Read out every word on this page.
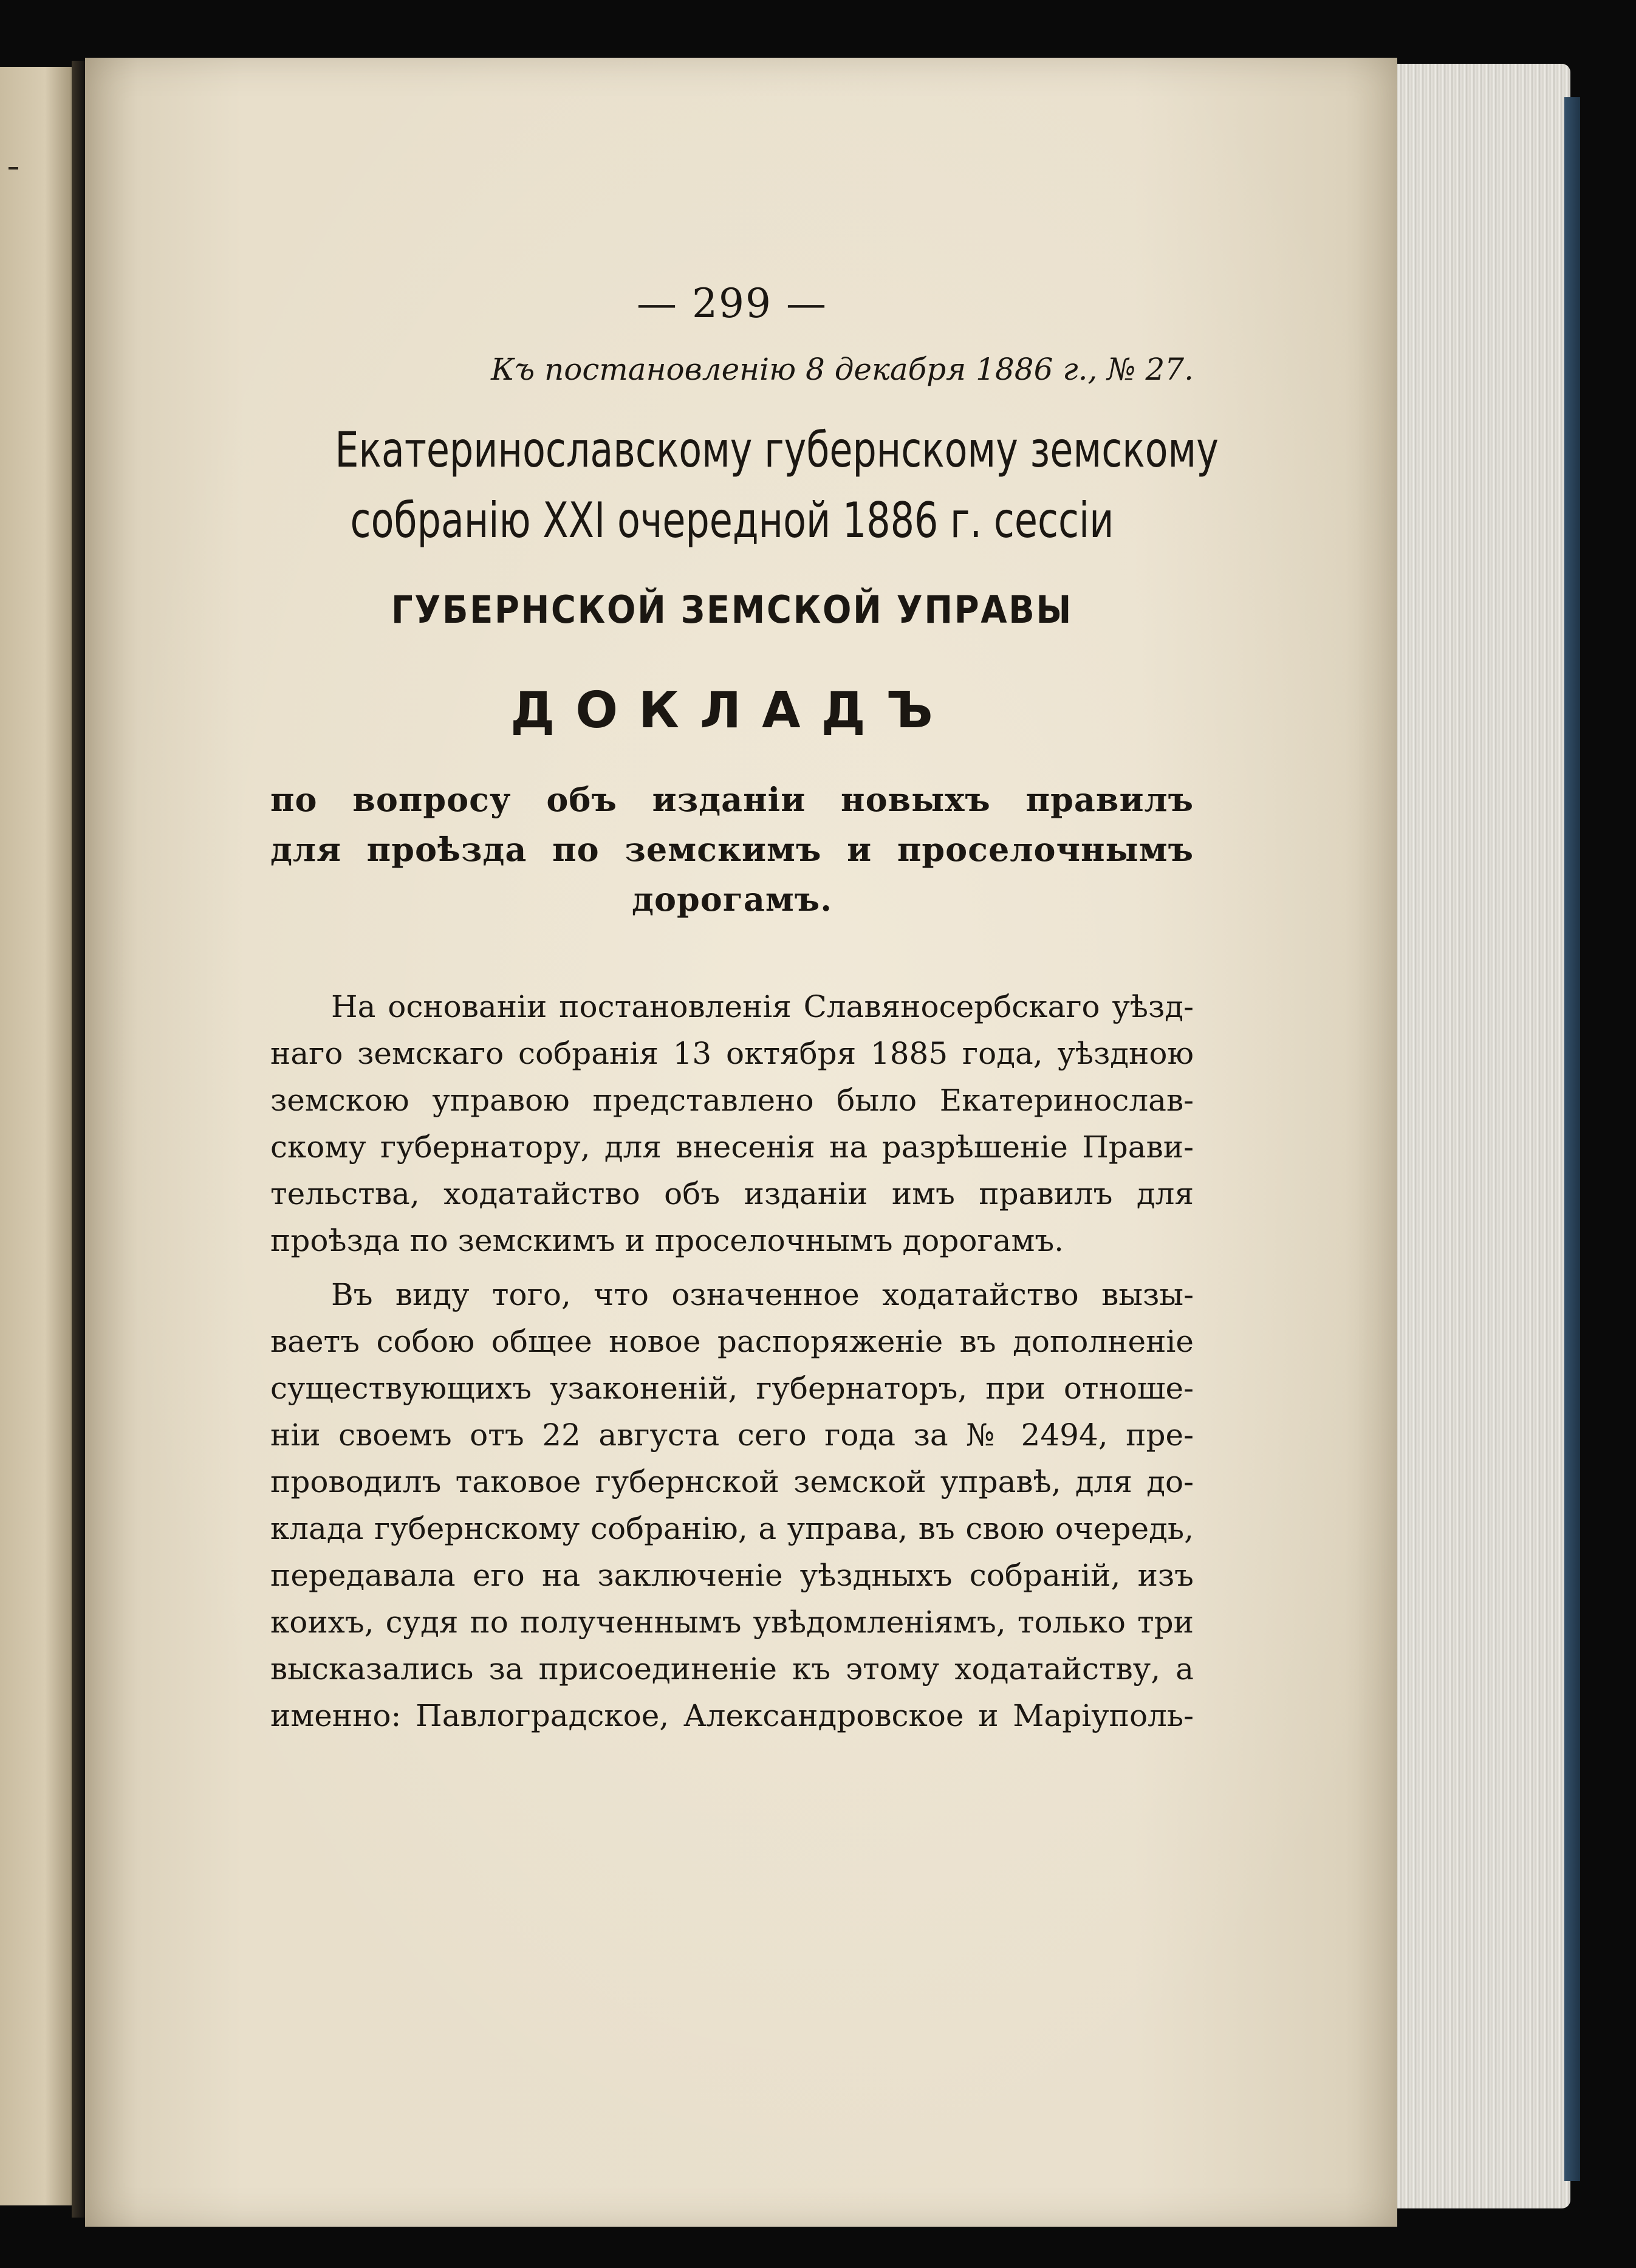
— 299 —
Къ постановленію 8 декабря 1886 г., № 27.
Екатеринославскому губернскому земскому
собранію XXI очередной 1886 г. сессіи
ГУБЕРНСКОЙ ЗЕМСКОЙ УПРАВЫ
ДОКЛАДЪ
по вопросу объ изданіи новыхъ правилъ
для проѣзда по земскимъ и проселочнымъ
дорогамъ.
На основаніи постановленія Славяносербскаго уѣзд-
наго земскаго собранія 13 октября 1885 года, уѣздною
земскою управою представлено было Екатеринослав-
скому губернатору, для внесенія на разрѣшеніе Прави-
тельства, ходатайство объ изданіи имъ правилъ для
проѣзда по земскимъ и проселочнымъ дорогамъ.
Въ виду того, что означенное ходатайство вызы-
ваетъ собою общее новое распоряженіе въ дополненіе
существующихъ узаконеній, губернаторъ, при отноше-
ніи своемъ отъ 22 августа сего года за № 2494, пре-
проводилъ таковое губернской земской управѣ, для до-
клада губернскому собранію, а управа, въ свою очередь,
передавала его на заключеніе уѣздныхъ собраній, изъ
коихъ, судя по полученнымъ увѣдомленіямъ, только три
высказались за присоединеніе къ этому ходатайству, а
именно: Павлоградское, Александровское и Маріуполь-
